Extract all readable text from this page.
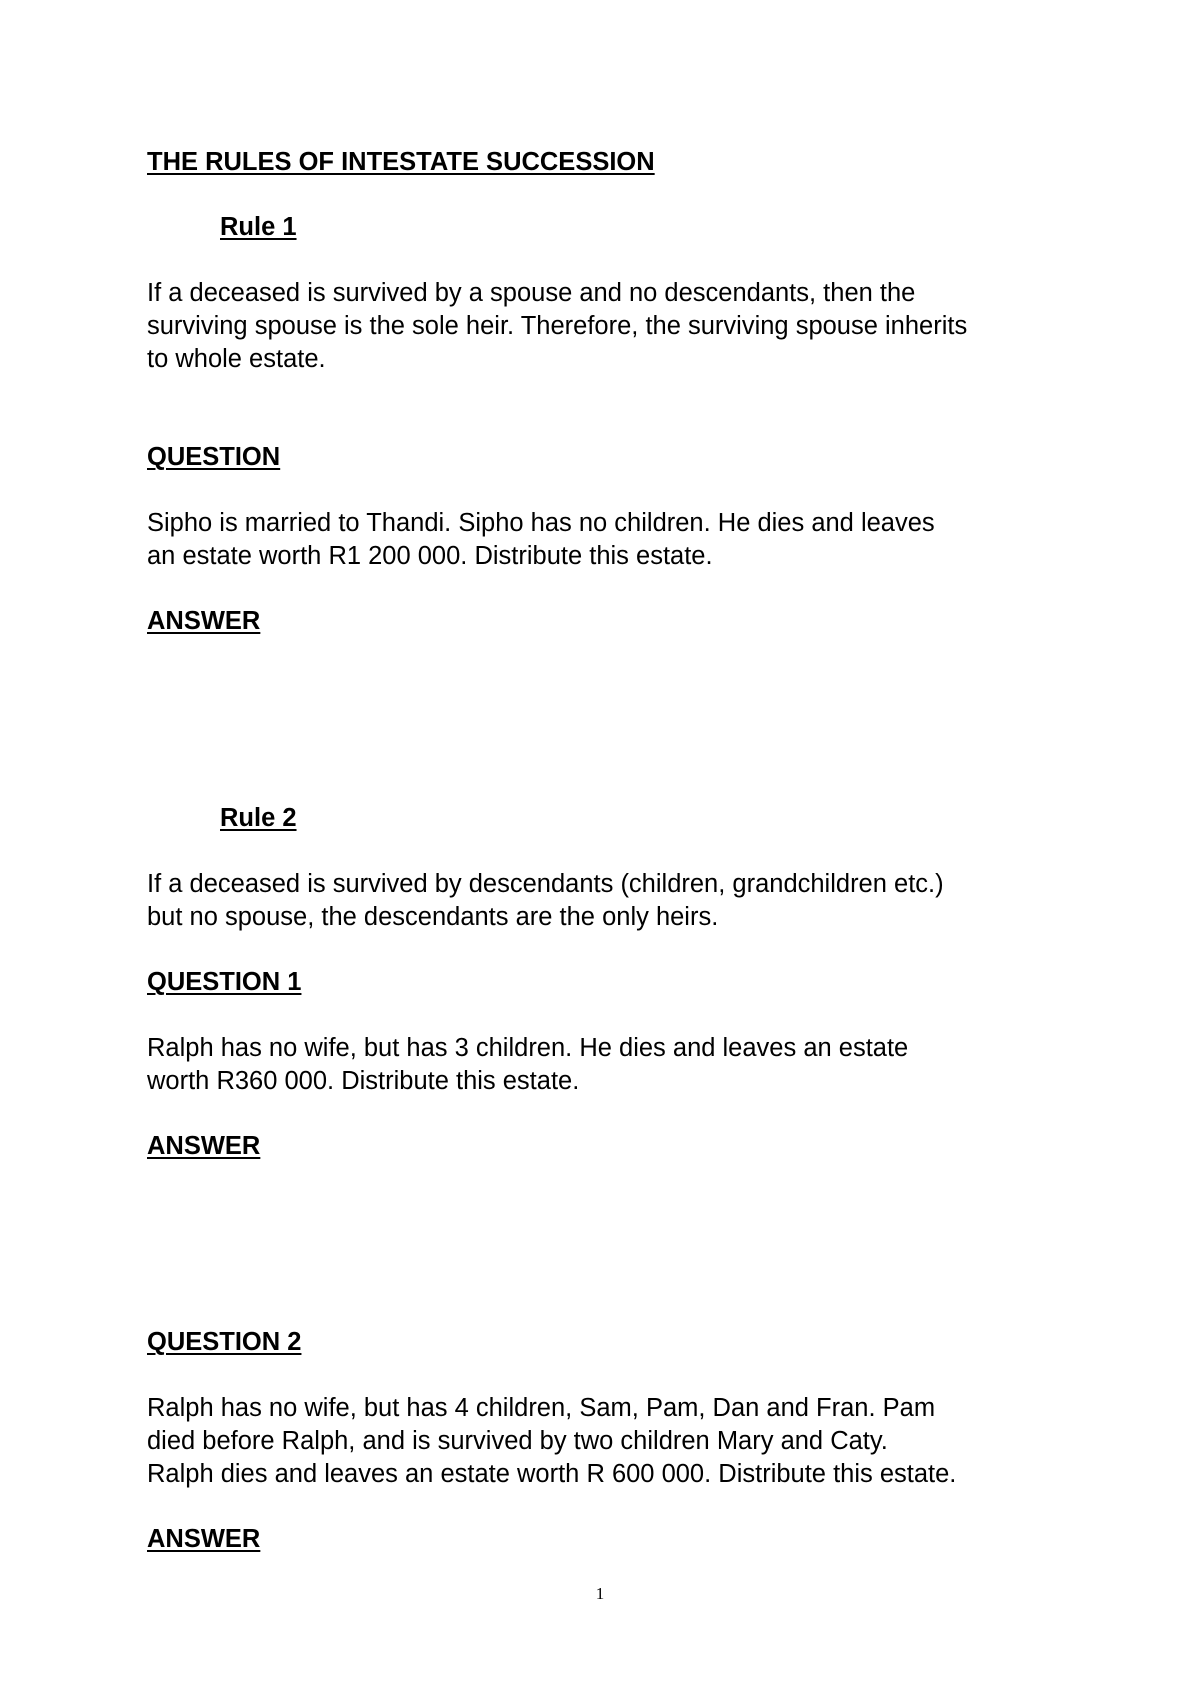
THE RULES OF INTESTATE SUCCESSION
Rule 1

If a deceased is survived by a spouse and no descendants, then the
surviving spouse is the sole heir. Therefore, the surviving spouse inherits
to whole estate.

QUESTION

Sipho is married to Thandi. Sipho has no children. He dies and leaves
an estate worth R1 200 000. Distribute this estate.

ANSWER
Rule 2

If a deceased is survived by descendants (children, grandchildren etc.)
but no spouse, the descendants are the only heirs.

QUESTION 1

Ralph has no wife, but has 3 children. He dies and leaves an estate
worth R360 000. Distribute this estate.

ANSWER
QUESTION 2

Ralph has no wife, but has 4 children, Sam, Pam, Dan and Fran. Pam
died before Ralph, and is survived by two children Mary and Caty.
Ralph dies and leaves an estate worth R 600 000. Distribute this estate.

ANSWER
1
